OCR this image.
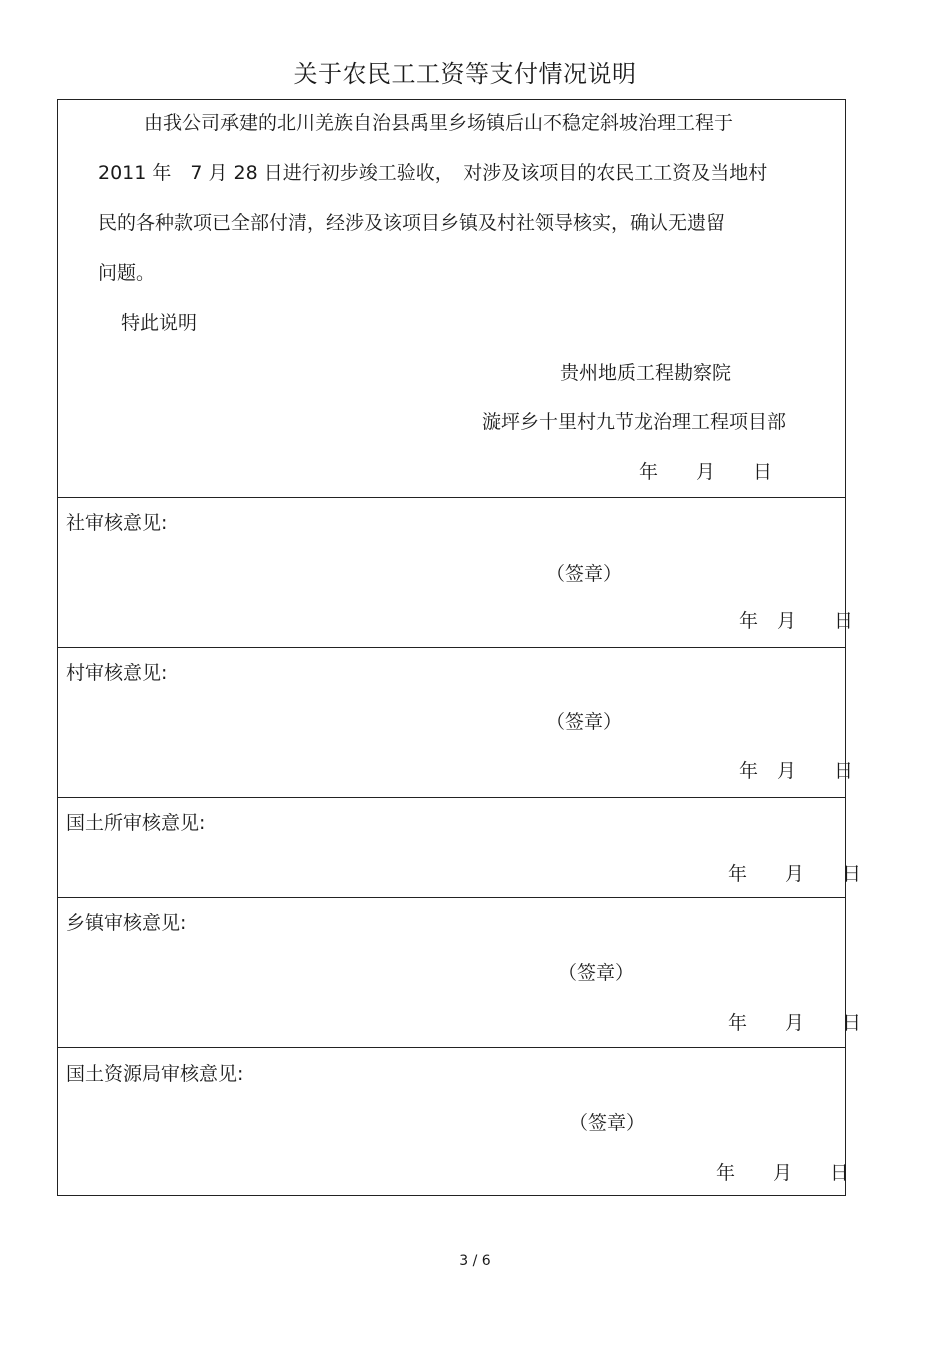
关于农民工工资等支付情况说明
由我公司承建的北川羌族自治县禹里乡场镇后山不稳定斜坡治理工程于
2011 年　7 月 28 日进行初步竣工验收，　对涉及该项目的农民工工资及当地村
民的各种款项已全部付清，经涉及该项目乡镇及村社领导核实，确认无遗留
问题。
特此说明
贵州地质工程勘察院
漩坪乡十里村九节龙治理工程项目部
年　　月　　日
社审核意见:
（签章）
年　月　　日
村审核意见:
（签章）
年　月　　日
国土所审核意见:
年　　月　　日
乡镇审核意见:
（签章）
年　　月　　日
国土资源局审核意见:
（签章）
年　　月　　日
3 / 6
